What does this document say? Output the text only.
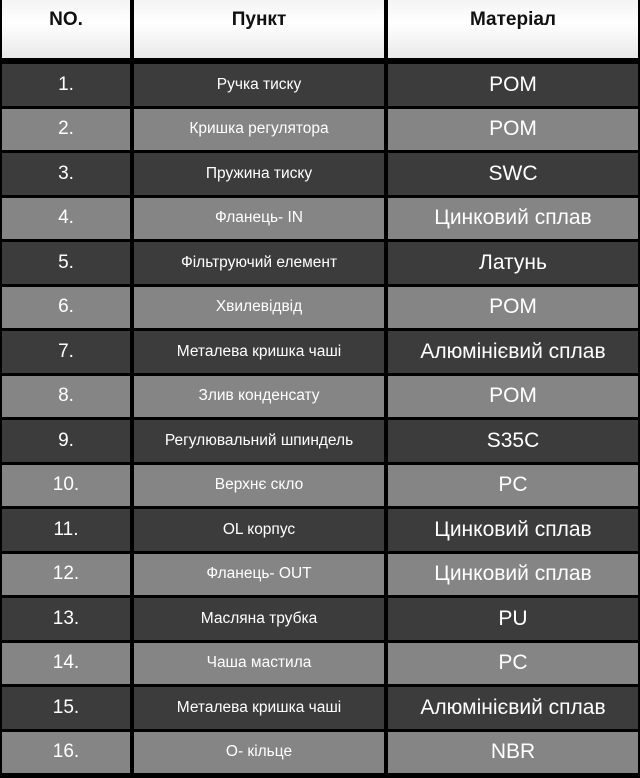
NO.	Пункт	Матеріал
1.	Ручка тиску	POM
2.	Кришка регулятора	POM
3.	Пружина тиску	SWC
4.	Фланець- IN	Цинковий сплав
5.	Фільтруючий елемент	Латунь
6.	Хвилевідвід	POM
7.	Металева кришка чаші	Алюмінієвий сплав
8.	Злив конденсату	POM
9.	Регулювальний шпиндель	S35C
10.	Верхнє скло	PC
11.	OL корпус	Цинковий сплав
12.	Фланець- OUT	Цинковий сплав
13.	Масляна трубка	PU
14.	Чаша мастила	PC
15.	Металева кришка чаші	Алюмінієвий сплав
16.	O- кільце	NBR
